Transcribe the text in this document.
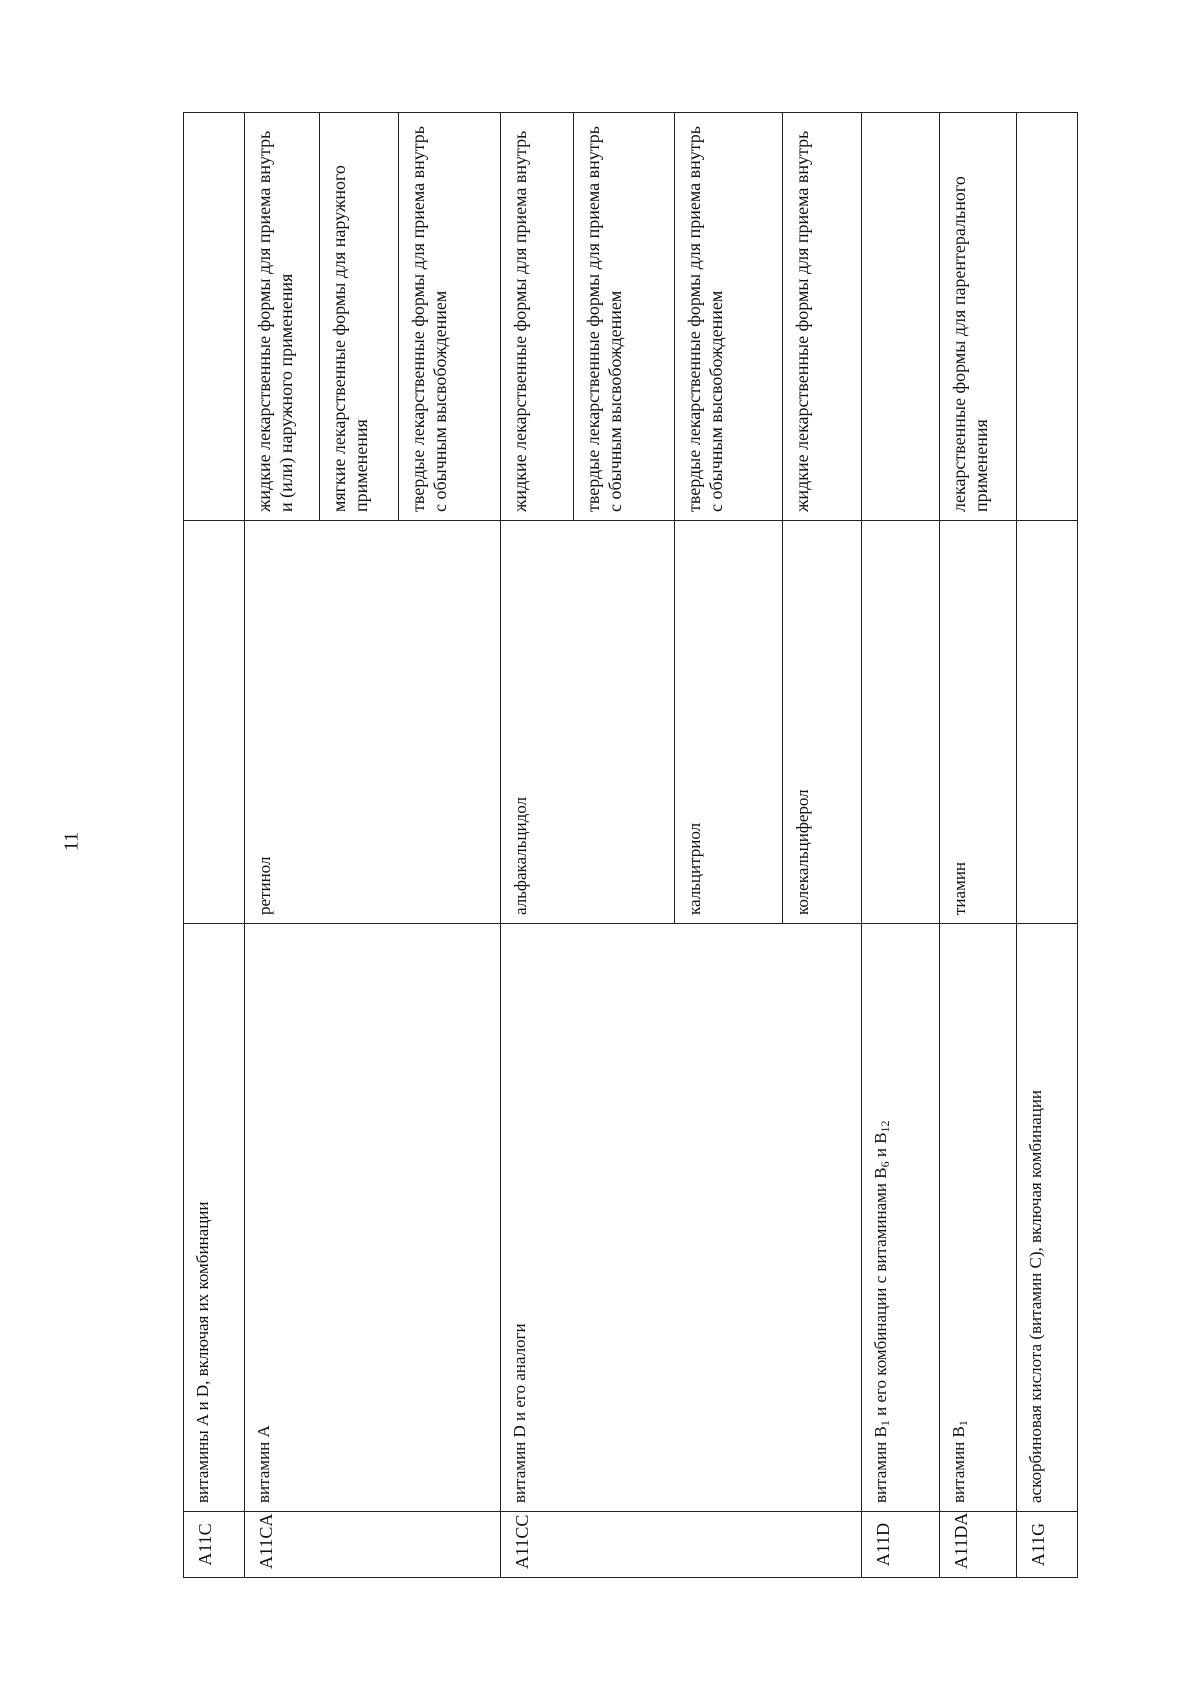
11
A11C	витамины A и D, включая их комбинации		
A11CA	витамин A	ретинол	жидкие лекарственные формы для приема внутрь и (или) наружного применения
			мягкие лекарственные формы для наружного применения
			твердые лекарственные формы для приема внутрь с обычным высвобождением
A11CC	витамин D и его аналоги	альфакальцидол	жидкие лекарственные формы для приема внутрь
			твердые лекарственные формы для приема внутрь с обычным высвобождением
		кальцитриол	твердые лекарственные формы для приема внутрь с обычным высвобождением
		колекальциферол	жидкие лекарственные формы для приема внутрь
A11D	витамин $B_1$ и его комбинации с витаминами $B_6$ и $B_{12}$		
A11DA	витамин $B_1$	тиамин	лекарственные формы для парентерального применения
A11G	аскорбиновая кислота (витамин C), включая комбинации		
